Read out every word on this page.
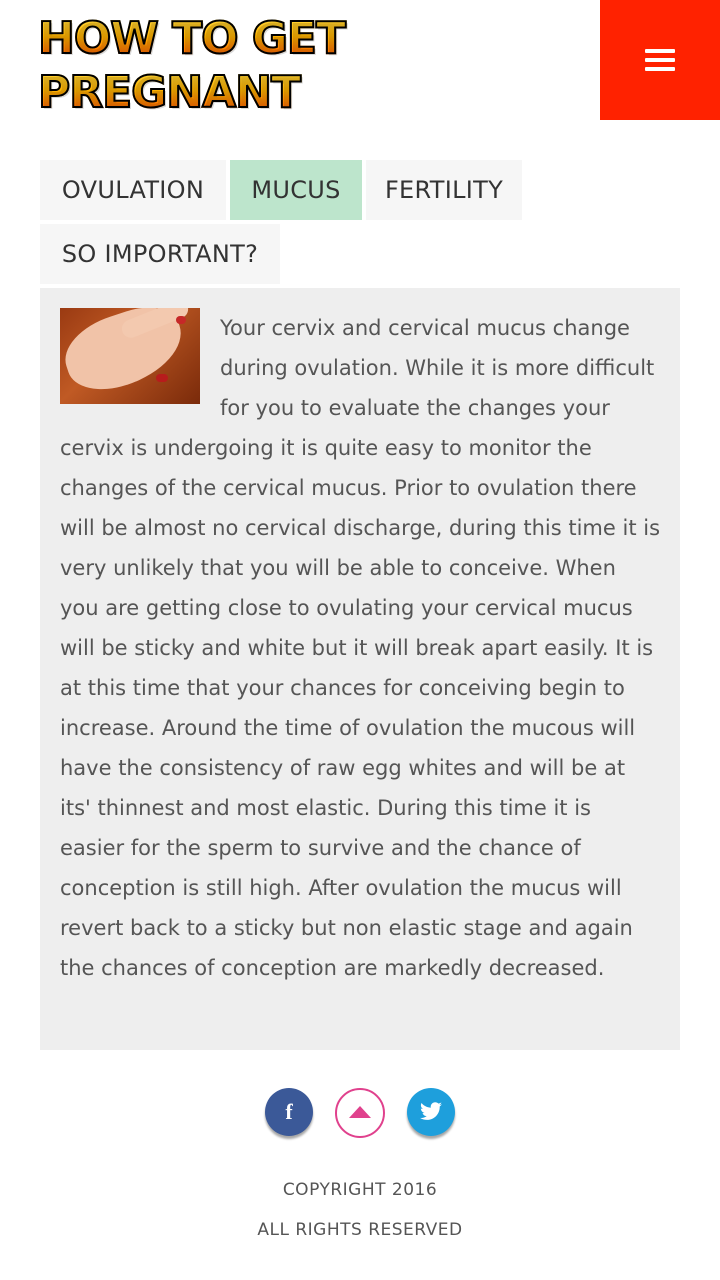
HOW TO GET
PREGNANT
OVULATION	MUCUS	FERTILITY
SO IMPORTANT?

Your cervix and cervical mucus change during ovulation. While it is more difficult for you to evaluate the changes your cervix is undergoing it is quite easy to monitor the changes of the cervical mucus. Prior to ovulation there will be almost no cervical discharge, during this time it is very unlikely that you will be able to conceive. When you are getting close to ovulating your cervical mucus will be sticky and white but it will break apart easily. It is at this time that your chances for conceiving begin to increase. Around the time of ovulation the mucous will have the consistency of raw egg whites and will be at its' thinnest and most elastic. During this time it is easier for the sperm to survive and the chance of conception is still high. After ovulation the mucus will revert back to a sticky but non elastic stage and again the chances of conception are markedly decreased.

f
COPYRIGHT 2016
ALL RIGHTS RESERVED
